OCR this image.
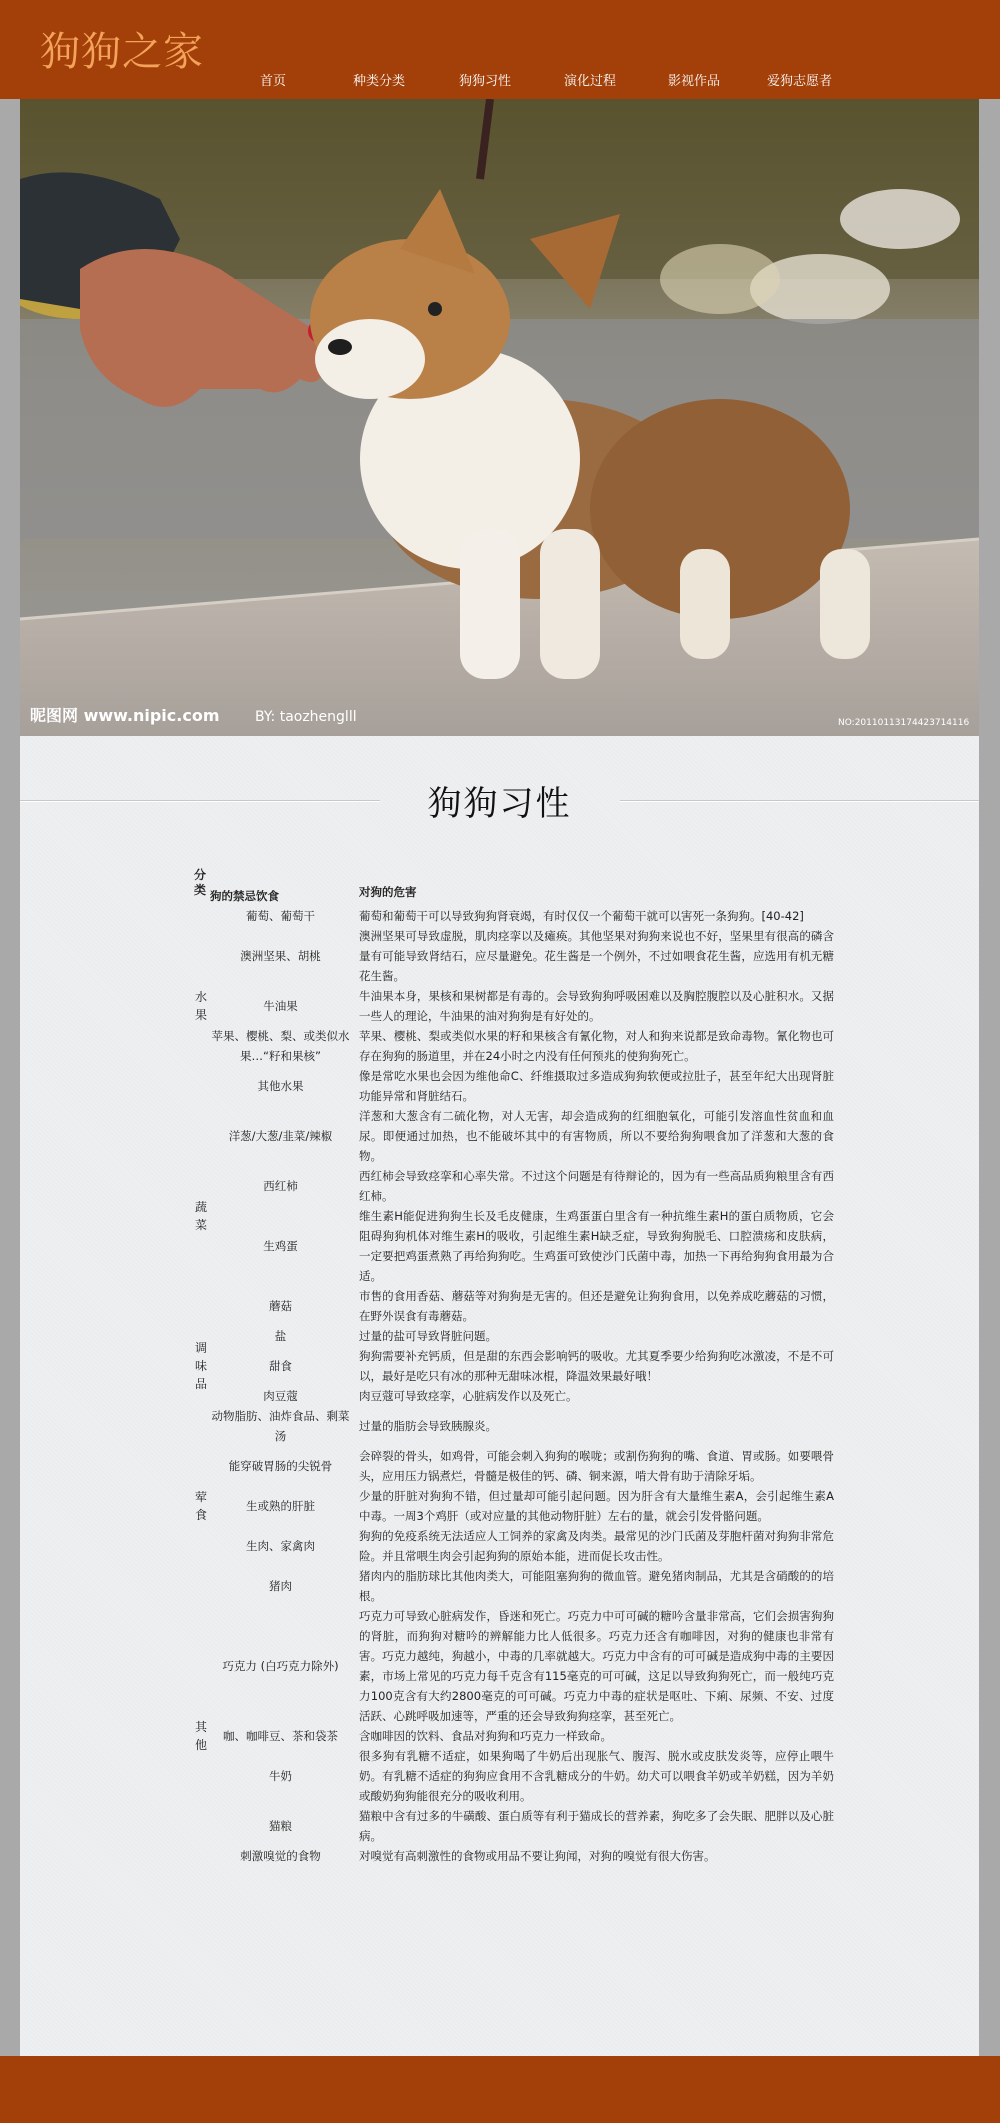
狗狗之家
首页	种类分类	狗狗习性	演化过程	影视作品	爱狗志愿者
昵图网 www.nipic.com	BY: taozhenglll	NO:20110113174423714116
狗狗习性
分类	狗的禁忌饮食	对狗的危害
水果	葡萄、葡萄干	葡萄和葡萄干可以导致狗狗肾衰竭，有时仅仅一个葡萄干就可以害死一条狗狗。[40-42]
	澳洲坚果、胡桃	澳洲坚果可导致虚脱，肌肉痉挛以及瘫痪。其他坚果对狗狗来说也不好，坚果里有很高的磷含量有可能导致肾结石，应尽量避免。花生酱是一个例外，不过如喂食花生酱，应选用有机无糖花生酱。
	牛油果	牛油果本身，果核和果树都是有毒的。会导致狗狗呼吸困难以及胸腔腹腔以及心脏积水。又据一些人的理论，牛油果的油对狗狗是有好处的。
	苹果、樱桃、梨、或类似水果…“籽和果核”	苹果、樱桃、梨或类似水果的籽和果核含有氰化物，对人和狗来说都是致命毒物。氰化物也可存在狗狗的肠道里，并在24小时之内没有任何预兆的使狗狗死亡。
	其他水果	像是常吃水果也会因为维他命C、纤维摄取过多造成狗狗软便或拉肚子，甚至年纪大出现肾脏功能异常和肾脏结石。
蔬菜	洋葱/大葱/韭菜/辣椒	洋葱和大葱含有二硫化物，对人无害，却会造成狗的红细胞氧化，可能引发溶血性贫血和血尿。即便通过加热，也不能破坏其中的有害物质，所以不要给狗狗喂食加了洋葱和大葱的食物。
	西红柿	西红柿会导致痉挛和心率失常。不过这个问题是有待辩论的，因为有一些高品质狗粮里含有西红柿。
	生鸡蛋	维生素H能促进狗狗生长及毛皮健康，生鸡蛋蛋白里含有一种抗维生素H的蛋白质物质，它会阻碍狗狗机体对维生素H的吸收，引起维生素H缺乏症，导致狗狗脱毛、口腔溃疡和皮肤病，一定要把鸡蛋煮熟了再给狗狗吃。生鸡蛋可致使沙门氏菌中毒，加热一下再给狗狗食用最为合适。
	蘑菇	市售的食用香菇、蘑菇等对狗狗是无害的。但还是避免让狗狗食用，以免养成吃蘑菇的习惯，在野外误食有毒蘑菇。
调味品	盐	过量的盐可导致肾脏问题。
	甜食	狗狗需要补充钙质，但是甜的东西会影响钙的吸收。尤其夏季要少给狗狗吃冰激凌，不是不可以，最好是吃只有冰的那种无甜味冰棍，降温效果最好哦！
	肉豆蔻	肉豆蔻可导致痉挛，心脏病发作以及死亡。
荤食	动物脂肪、油炸食品、剩菜汤	过量的脂肪会导致胰腺炎。
	能穿破胃肠的尖锐骨	会碎裂的骨头，如鸡骨，可能会刺入狗狗的喉咙；或割伤狗狗的嘴、食道、胃或肠。如要喂骨头，应用压力锅煮烂，骨髓是极佳的钙、磷、铜来源，啃大骨有助于清除牙垢。
	生或熟的肝脏	少量的肝脏对狗狗不错，但过量却可能引起问题。因为肝含有大量维生素A，会引起维生素A中毒。一周3个鸡肝（或对应量的其他动物肝脏）左右的量，就会引发骨骼问题。
	生肉、家禽肉	狗狗的免疫系统无法适应人工饲养的家禽及肉类。最常见的沙门氏菌及芽胞杆菌对狗狗非常危险。并且常喂生肉会引起狗狗的原始本能，进而促长攻击性。
	猪肉	猪肉内的脂肪球比其他肉类大，可能阻塞狗狗的微血管。避免猪肉制品，尤其是含硝酸的的培根。
其他	巧克力 (白巧克力除外)	巧克力可导致心脏病发作，昏迷和死亡。巧克力中可可碱的糖吟含量非常高，它们会损害狗狗的肾脏，而狗狗对糖吟的辨解能力比人低很多。巧克力还含有咖啡因，对狗的健康也非常有害。巧克力越纯，狗越小，中毒的几率就越大。巧克力中含有的可可碱是造成狗中毒的主要因素，市场上常见的巧克力每千克含有115毫克的可可碱，这足以导致狗狗死亡，而一般纯巧克力100克含有大约2800毫克的可可碱。巧克力中毒的症状是呕吐、下痢、尿频、不安、过度活跃、心跳呼吸加速等，严重的还会导致狗狗痉挛，甚至死亡。
	咖、咖啡豆、茶和袋茶	含咖啡因的饮料、食品对狗狗和巧克力一样致命。
	牛奶	很多狗有乳糖不适症，如果狗喝了牛奶后出现胀气、腹泻、脱水或皮肤发炎等，应停止喂牛奶。有乳糖不适症的狗狗应食用不含乳糖成分的牛奶。幼犬可以喂食羊奶或羊奶糕，因为羊奶或酸奶狗狗能很充分的吸收利用。
	猫粮	猫粮中含有过多的牛磺酸、蛋白质等有利于猫成长的营养素，狗吃多了会失眠、肥胖以及心脏病。
	刺激嗅觉的食物	对嗅觉有高刺激性的食物或用品不要让狗闻，对狗的嗅觉有很大伤害。
